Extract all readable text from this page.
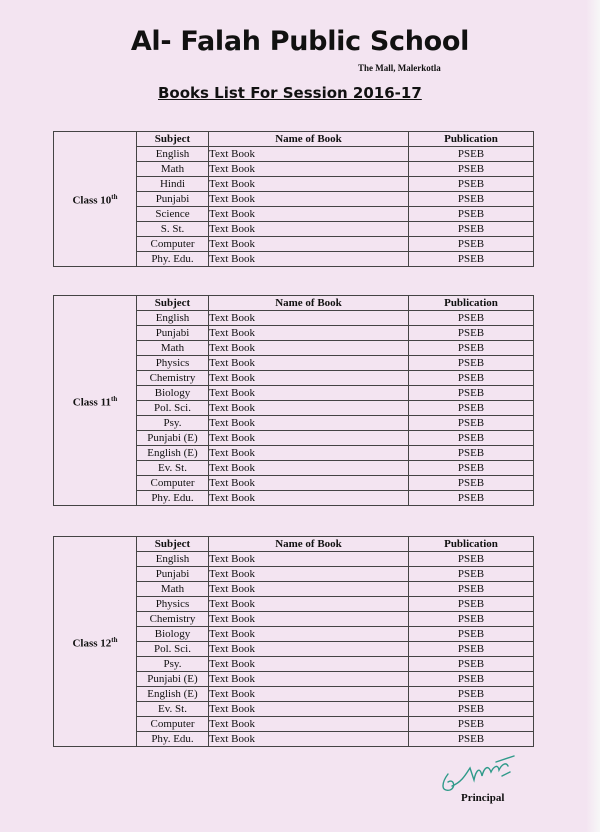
Al- Falah Public School
The Mall, Malerkotla
Books List For Session 2016-17
Class 10th	Subject	Name of Book	Publication
	English	Text Book	PSEB
	Math	Text Book	PSEB
	Hindi	Text Book	PSEB
	Punjabi	Text Book	PSEB
	Science	Text Book	PSEB
	S. St.	Text Book	PSEB
	Computer	Text Book	PSEB
	Phy. Edu.	Text Book	PSEB
Class 11th	Subject	Name of Book	Publication
	English	Text Book	PSEB
	Punjabi	Text Book	PSEB
	Math	Text Book	PSEB
	Physics	Text Book	PSEB
	Chemistry	Text Book	PSEB
	Biology	Text Book	PSEB
	Pol. Sci.	Text Book	PSEB
	Psy.	Text Book	PSEB
	Punjabi (E)	Text Book	PSEB
	English (E)	Text Book	PSEB
	Ev. St.	Text Book	PSEB
	Computer	Text Book	PSEB
	Phy. Edu.	Text Book	PSEB
Class 12th	Subject	Name of Book	Publication
	English	Text Book	PSEB
	Punjabi	Text Book	PSEB
	Math	Text Book	PSEB
	Physics	Text Book	PSEB
	Chemistry	Text Book	PSEB
	Biology	Text Book	PSEB
	Pol. Sci.	Text Book	PSEB
	Psy.	Text Book	PSEB
	Punjabi (E)	Text Book	PSEB
	English (E)	Text Book	PSEB
	Ev. St.	Text Book	PSEB
	Computer	Text Book	PSEB
	Phy. Edu.	Text Book	PSEB
Principal
